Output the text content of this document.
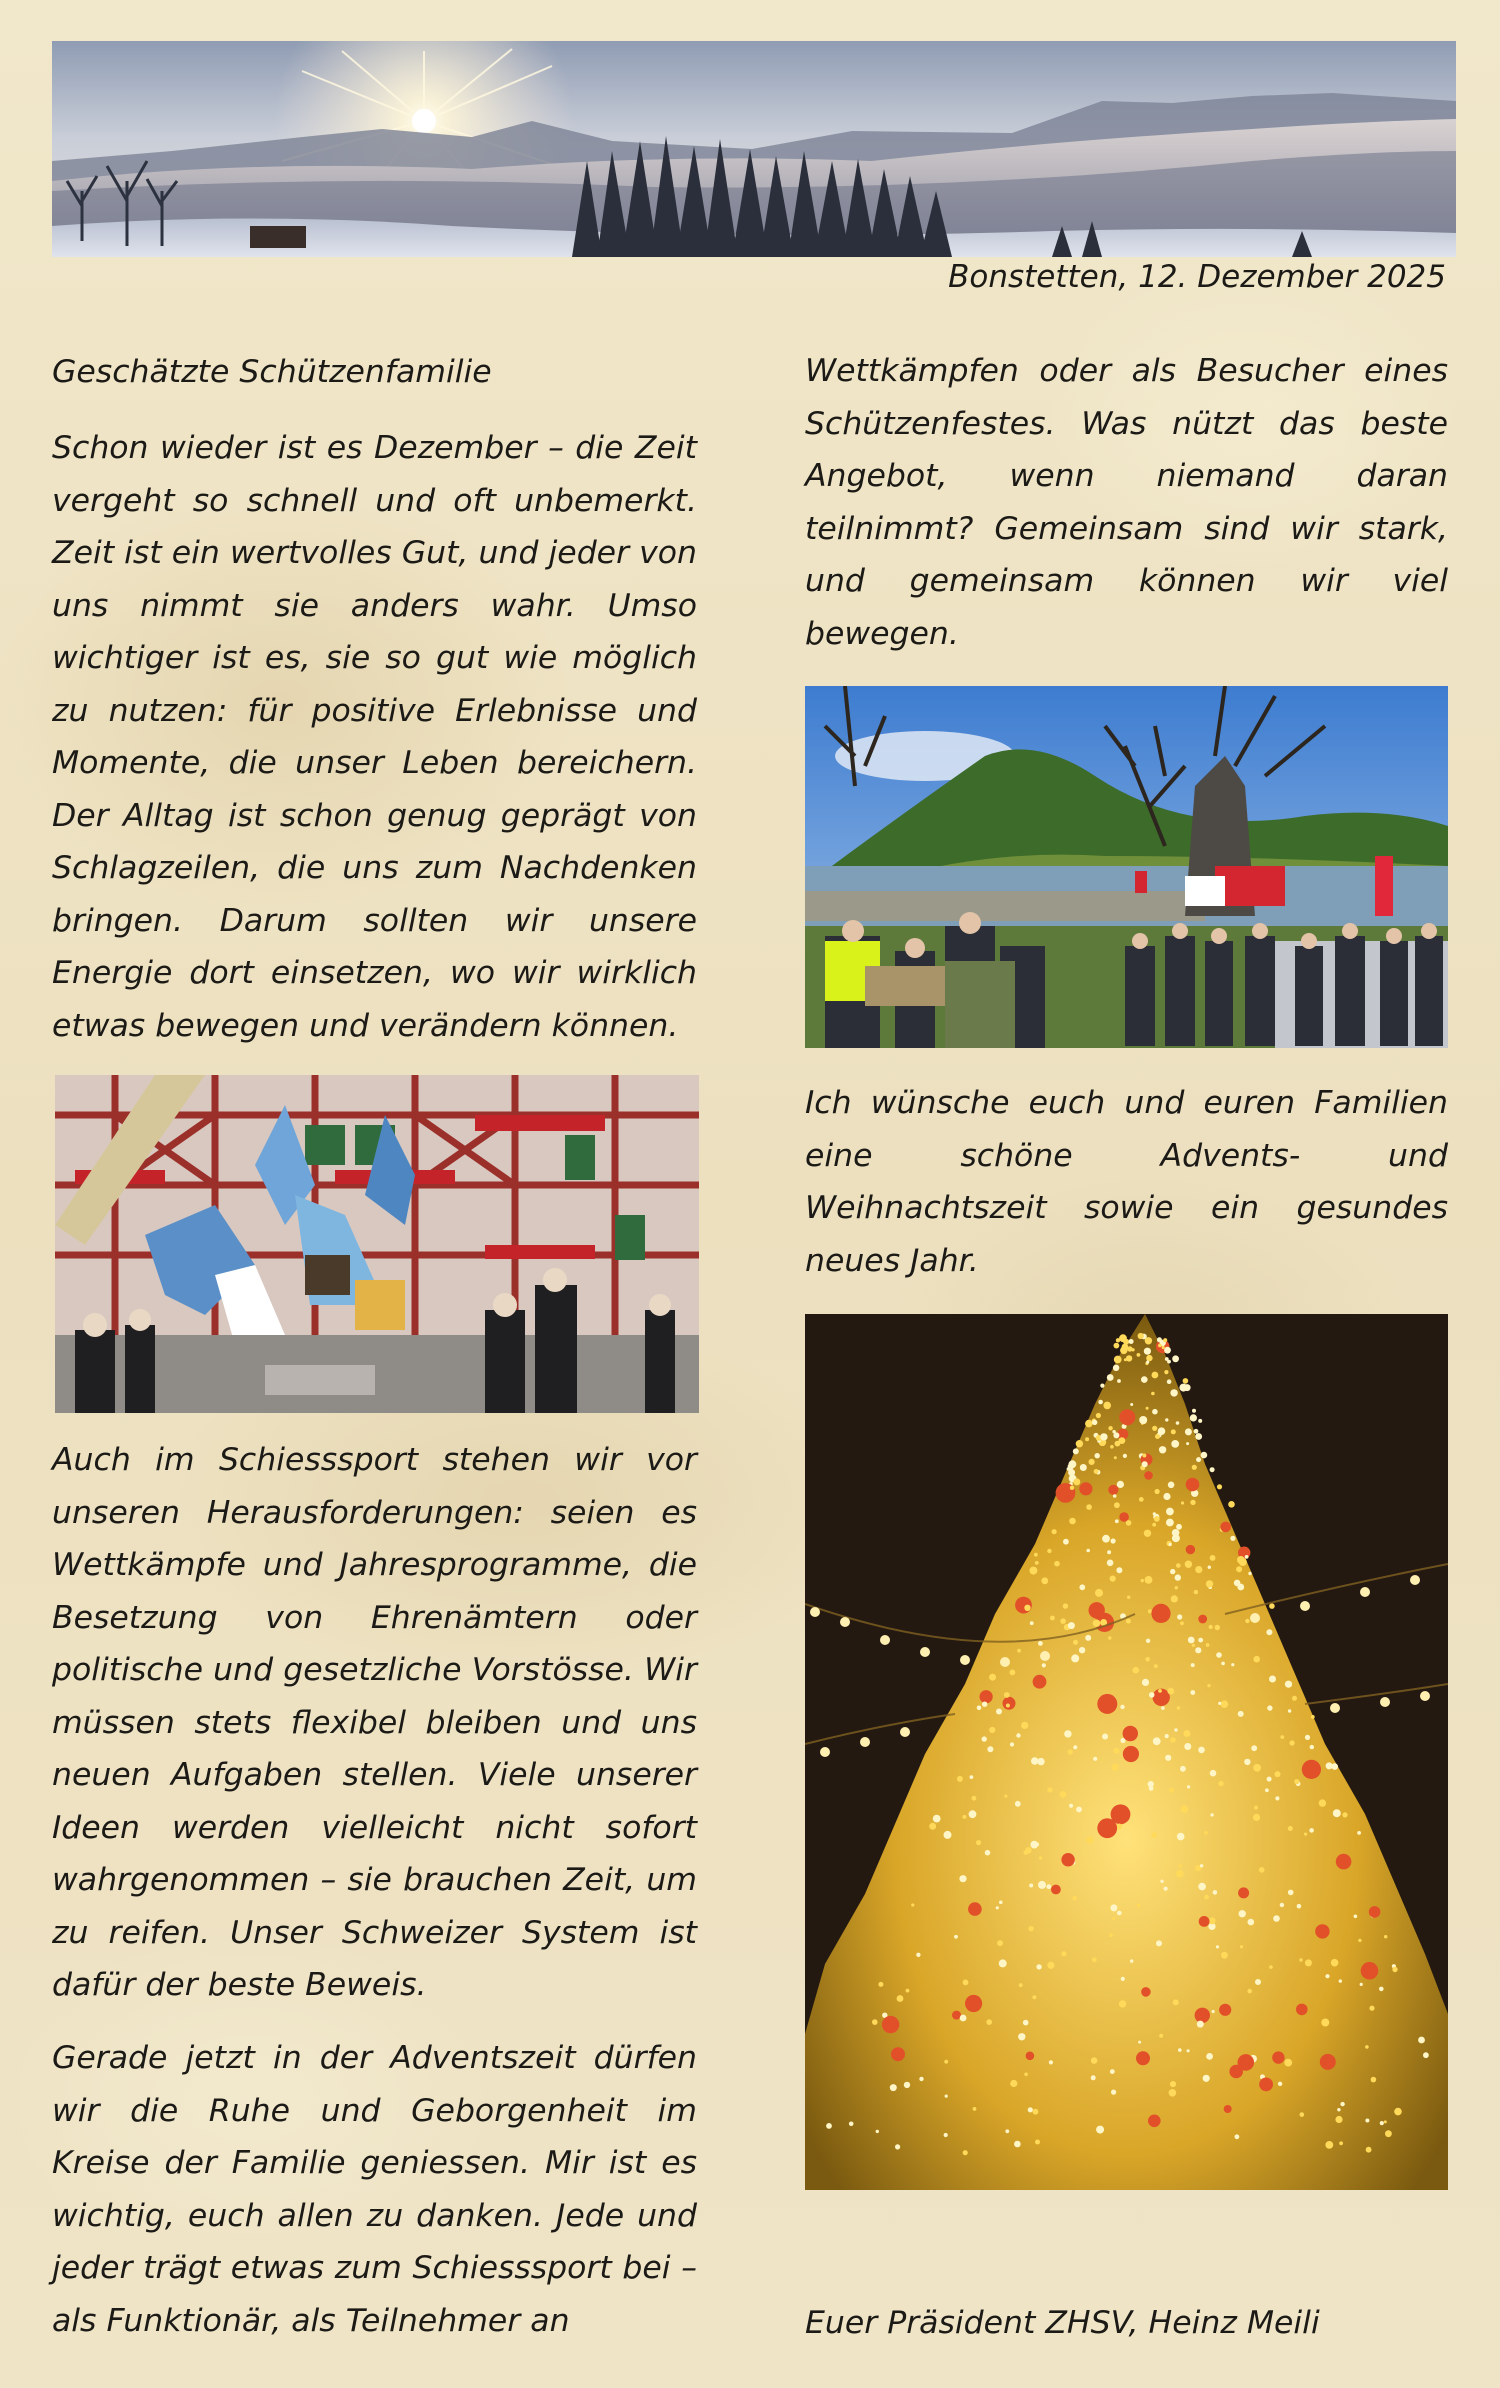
Bonstetten, 12. Dezember 2025

Geschätzte Schützenfamilie

Schon wieder ist es Dezember – die Zeit vergeht so schnell und oft unbemerkt. Zeit ist ein wertvolles Gut, und jeder von uns nimmt sie anders wahr. Umso wichtiger ist es, sie so gut wie möglich zu nutzen: für positive Erlebnisse und Momente, die unser Leben bereichern. Der Alltag ist schon genug geprägt von Schlagzeilen, die uns zum Nachdenken bringen. Darum sollten wir unsere Energie dort einsetzen, wo wir wirklich etwas bewegen und verändern können.

Auch im Schiesssport stehen wir vor unseren Herausforderungen: seien es Wettkämpfe und Jahresprogramme, die Besetzung von Ehrenämtern oder politische und gesetzliche Vorstösse. Wir müssen stets flexibel bleiben und uns neuen Aufgaben stellen. Viele unserer Ideen werden vielleicht nicht sofort wahrgenommen – sie brauchen Zeit, um zu reifen. Unser Schweizer System ist dafür der beste Beweis.

Gerade jetzt in der Adventszeit dürfen wir die Ruhe und Geborgenheit im Kreise der Familie geniessen. Mir ist es wichtig, euch allen zu danken. Jede und jeder trägt etwas zum Schiesssport bei – als Funktionär, als Teilnehmer an

Wettkämpfen oder als Besucher eines Schützenfestes. Was nützt das beste Angebot, wenn niemand daran teilnimmt? Gemeinsam sind wir stark, und gemeinsam können wir viel bewegen.

Ich wünsche euch und euren Familien eine schöne Advents- und Weihnachtszeit sowie ein gesundes neues Jahr.

Euer Präsident ZHSV, Heinz Meili
